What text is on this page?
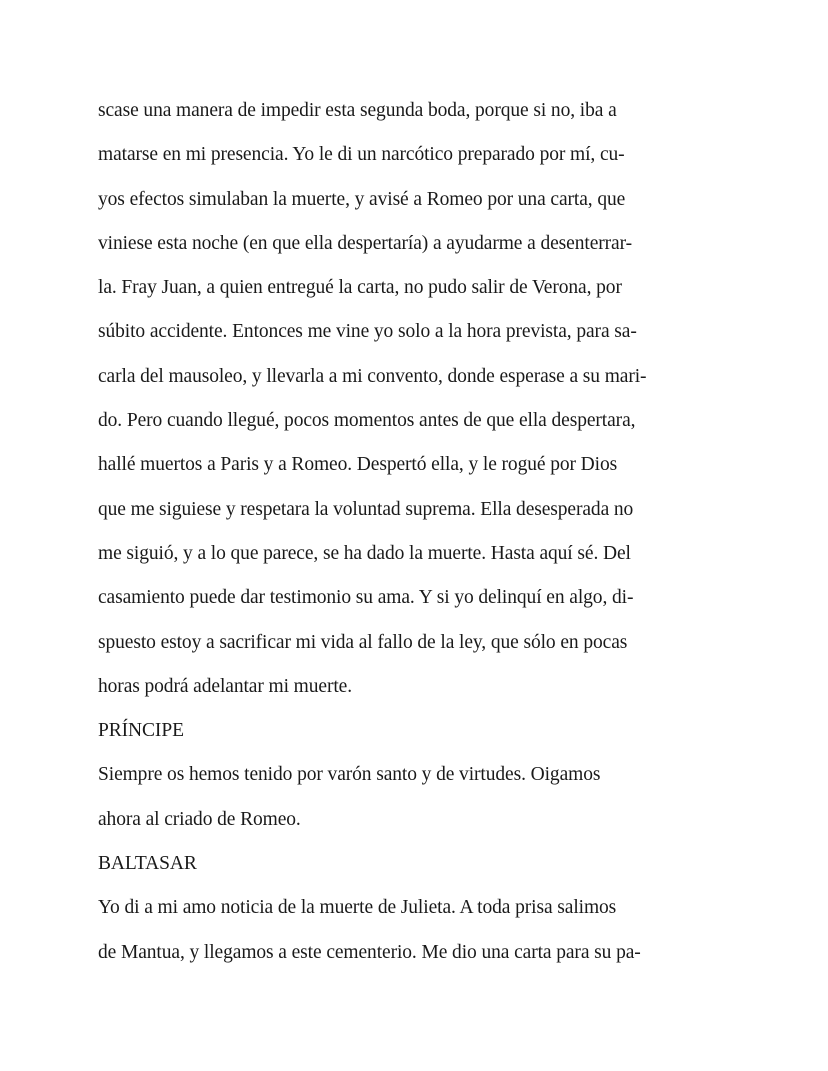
scase una manera de impedir esta segunda boda, porque si no, iba a
matarse en mi presencia. Yo le di un narcótico preparado por mí, cu-
yos efectos simulaban la muerte, y avisé a Romeo por una carta, que
viniese esta noche (en que ella despertaría) a ayudarme a desenterrar-
la. Fray Juan, a quien entregué la carta, no pudo salir de Verona, por
súbito accidente. Entonces me vine yo solo a la hora prevista, para sa-
carla del mausoleo, y llevarla a mi convento, donde esperase a su mari-
do. Pero cuando llegué, pocos momentos antes de que ella despertara,
hallé muertos a Paris y a Romeo. Despertó ella, y le rogué por Dios
que me siguiese y respetara la voluntad suprema. Ella desesperada no
me siguió, y a lo que parece, se ha dado la muerte. Hasta aquí sé. Del
casamiento puede dar testimonio su ama. Y si yo delinquí en algo, di-
spuesto estoy a sacrificar mi vida al fallo de la ley, que sólo en pocas
horas podrá adelantar mi muerte.
PRÍNCIPE
Siempre os hemos tenido por varón santo y de virtudes. Oigamos
ahora al criado de Romeo.
BALTASAR
Yo di a mi amo noticia de la muerte de Julieta. A toda prisa salimos
de Mantua, y llegamos a este cementerio. Me dio una carta para su pa-
